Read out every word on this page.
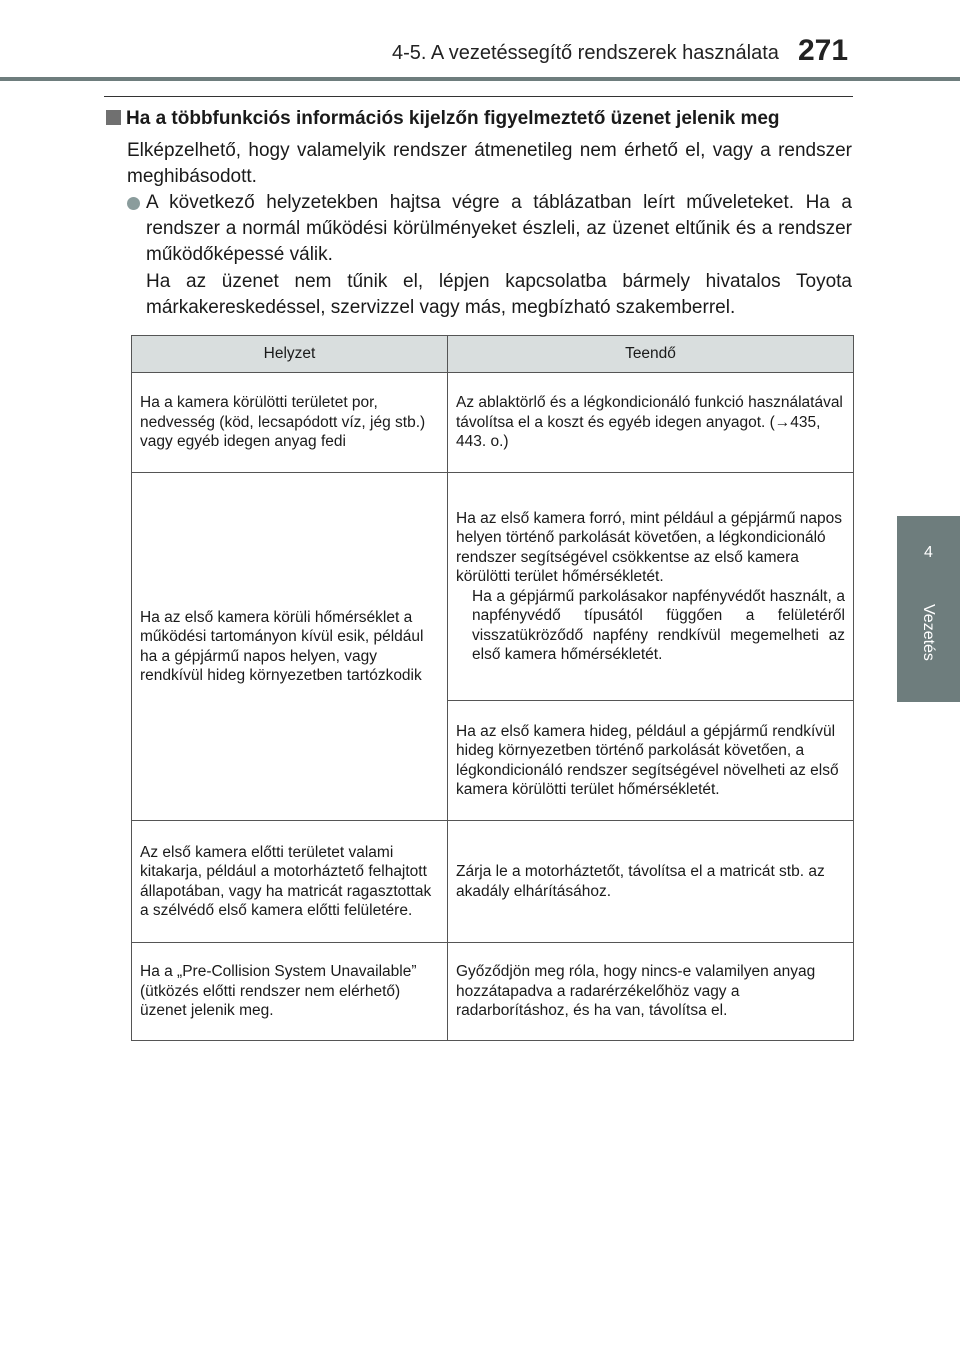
4-5. A vezetéssegítő rendszerek használata 271
4
Vezetés
Ha a többfunkciós információs kijelzőn figyelmeztető üzenet jelenik meg
Elképzelhető, hogy valamelyik rendszer átmenetileg nem érhető el, vagy a rendszer meghibásodott.
A következő helyzetekben hajtsa végre a táblázatban leírt műveleteket. Ha a rendszer a normál működési körülményeket észleli, az üzenet eltűnik és a rendszer működőképessé válik.
Ha az üzenet nem tűnik el, lépjen kapcsolatba bármely hivatalos Toyota márkakereskedéssel, szervizzel vagy más, megbízható szakemberrel.
Helyzet	Teendő
Ha a kamera körülötti területet por, nedvesség (köd, lecsapódott víz, jég stb.) vagy egyéb idegen anyag fedi	Az ablaktörlő és a légkondicionáló funkció használatával távolítsa el a koszt és egyéb idegen anyagot. (→435, 443. o.)
Ha az első kamera körüli hőmérséklet a működési tartományon kívül esik, például ha a gépjármű napos helyen, vagy rendkívül hideg környezetben tartózkodik	Ha az első kamera forró, mint például a gépjármű napos helyen történő parkolását követően, a légkondicionáló rendszer segítségével csökkentse az első kamera körülötti terület hőmérsékletét.
Ha a gépjármű parkolásakor napfényvédőt használt, a napfényvédő típusától függően a felületéről visszatükröződő napfény rendkívül megemelheti az első kamera hőmérsékletét.

	Ha az első kamera hideg, például a gépjármű rendkívül hideg környezetben történő parkolását követően, a légkondicionáló rendszer segítségével növelheti az első kamera körülötti terület hőmérsékletét.
Az első kamera előtti területet valami kitakarja, például a motorháztető felhajtott állapotában, vagy ha matricát ragasztottak a szélvédő első kamera előtti felületére.	Zárja le a motorháztetőt, távolítsa el a matricát stb. az akadály elhárításához.
Ha a „Pre-Collision System Unavailable” (ütközés előtti rendszer nem elérhető) üzenet jelenik meg.	Győződjön meg róla, hogy nincs-e valamilyen anyag hozzátapadva a radarérzékelőhöz vagy a radarborításhoz, és ha van, távolítsa el.
